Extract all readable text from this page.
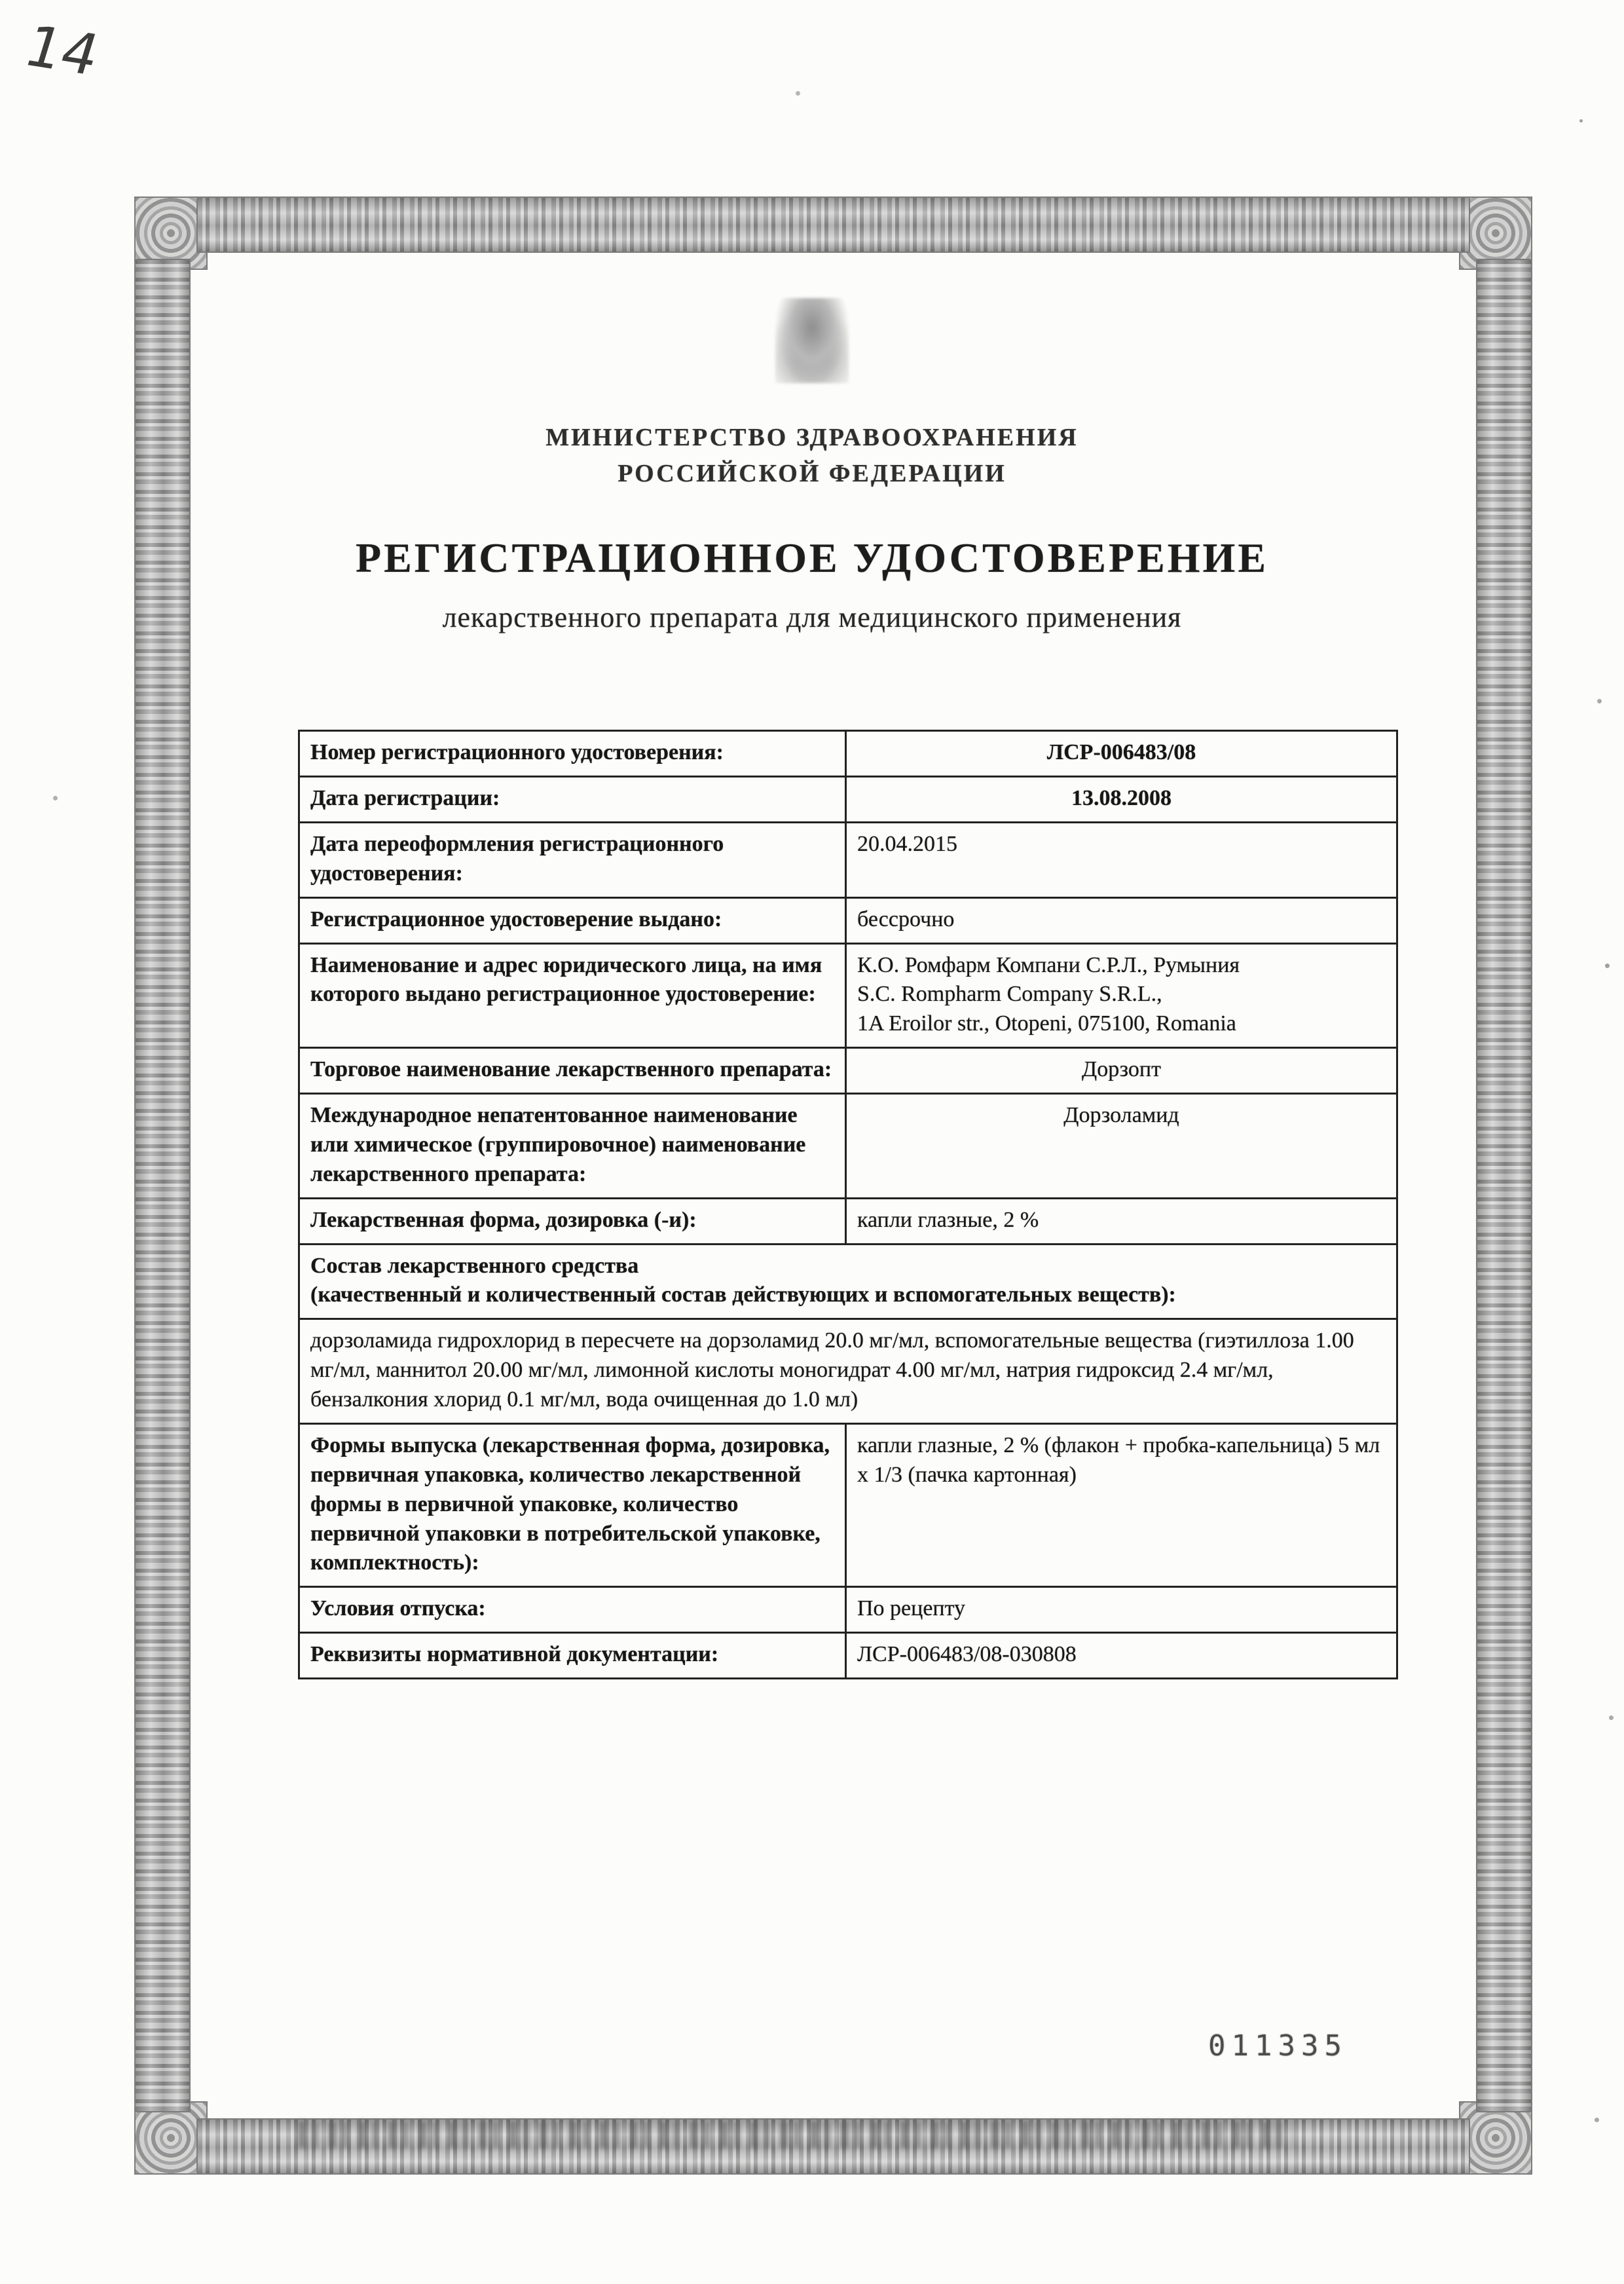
14
МИНИСТЕРСТВО ЗДРАВООХРАНЕНИЯ
РОССИЙСКОЙ ФЕДЕРАЦИИ
РЕГИСТРАЦИОННОЕ УДОСТОВЕРЕНИЕ
лекарственного препарата для медицинского применения
Номер регистрационного удостоверения:	ЛСР-006483/08
Дата регистрации:	13.08.2008
Дата переоформления регистрационного удостоверения:	20.04.2015
Регистрационное удостоверение выдано:	бессрочно
Наименование и адрес юридического лица, на имя которого выдано регистрационное удостоверение:	К.О. Ромфарм Компани С.Р.Л., Румыния
S.C. Rompharm Company S.R.L.,
1A Eroilor str., Otopeni, 075100, Romania

Торговое наименование лекарственного препарата:	Дорзопт
Международное непатентованное наименование или химическое (группировочное) наименование лекарственного препарата:	Дорзоламид
Лекарственная форма, дозировка (-и):	капли глазные, 2 %

Состав лекарственного средства
(качественный и количественный состав действующих и вспомогательных веществ):	

дорзоламида гидрохлорид в пересчете на дорзоламид 20.0 мг/мл, вспомогательные вещества (гиэтиллоза 1.00 мг/мл, маннитол 20.00 мг/мл, лимонной кислоты моногидрат 4.00 мг/мл, натрия гидроксид 2.4 мг/мл, бензалкония хлорид 0.1 мг/мл, вода очищенная до 1.0 мл)	
Формы выпуска (лекарственная форма, дозировка, первичная упаковка, количество лекарственной формы в первичной упаковке, количество первичной упаковки в потребительской упаковке, комплектность):	капли глазные, 2 % (флакон + пробка-капельница) 5 мл х 1/3 (пачка картонная)
Условия отпуска:	По рецепту
Реквизиты нормативной документации:	ЛСР-006483/08-030808
011335
